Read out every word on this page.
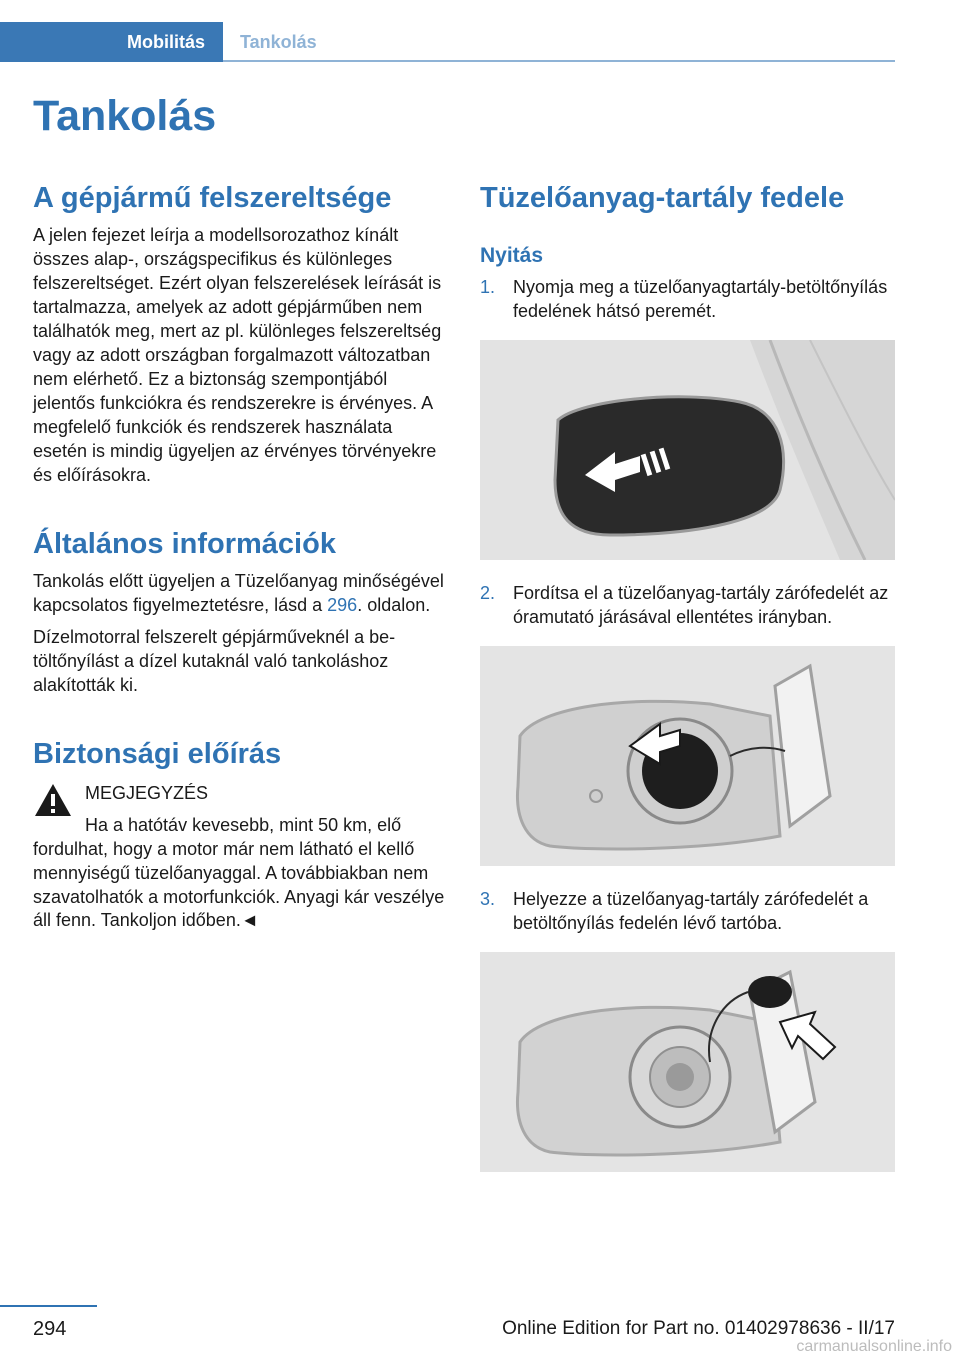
Mobilitás Tankolás
Tankolás
A gépjármű felszereltsége

A jelen fejezet leírja a modellsorozathoz kínált összes alap-, országspecifikus és különleges felszereltséget. Ezért olyan felszerelések leírását is tartalmazza, amelyek az adott gépjárműben nem találhatók meg, mert az pl. különleges felszereltség vagy az adott országban forgalmazott változatban nem elérhető. Ez a biztonság szempontjából jelentős funkciókra és rendszerekre is érvényes. A megfelelő funkciók és rendszerek használata esetén is mindig ügyeljen az érvényes törvényekre és előírásokra.

Általános információk

Tankolás előtt ügyeljen a Tüzelőanyag minőségével kapcsolatos figyelmeztetésre, lásd a 296. oldalon.

Dízelmotorral felszerelt gépjárműveknél a betöltőnyílást a dízel kutaknál való tankoláshoz alakították ki.

Biztonsági előírás
MEGJEGYZÉS

Ha a hatótáv kevesebb, mint 50 km, elő

fordulhat, hogy a motor már nem látható el kellő mennyiségű tüzelőanyaggal. A továbbiakban nem szavatolhatók a motorfunkciók. Anyagi kár veszélye áll fenn. Tankoljon időben.◄

Tüzelőanyag-tartály fedele
Nyitás
1. Nyomja meg a tüzelőanyagtartály-betöltőnyílás fedelének hátsó peremét.
2. Fordítsa el a tüzelőanyag-tartály zárófedelét az óramutató járásával ellentétes irányban.
3. Helyezze a tüzelőanyag-tartály zárófedelét a betöltőnyílás fedelén lévő tartóba.
294	Online Edition for Part no. 01402978636 - II/17
carmanualsonline.info
